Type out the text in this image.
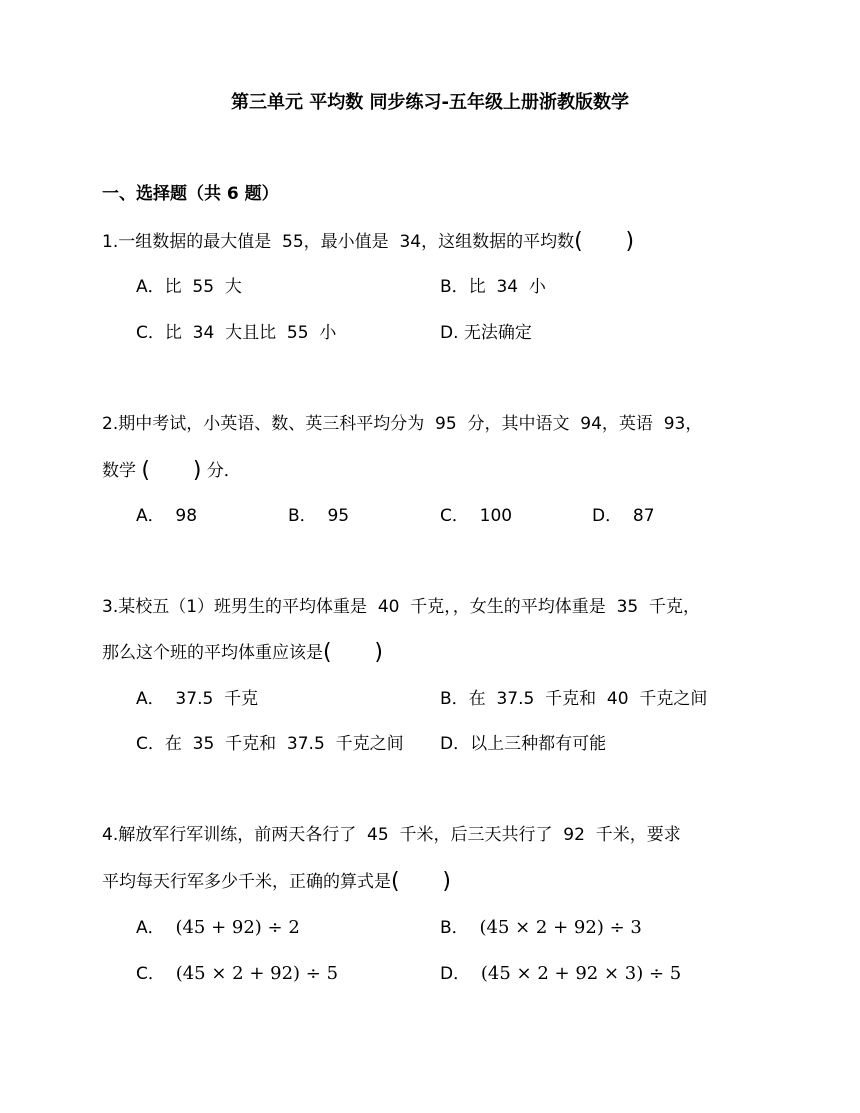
第三单元 平均数 同步练习-五年级上册浙教版数学
一、选择题（共 6 题）
1.一组数据的最大值是  55，最小值是  34，这组数据的平均数( )
A．比  55  大	B．比  34  小
C．比  34  大且比  55  小	D. 无法确定
2.期中考试，小英语、数、英三科平均分为  95  分，其中语文  94，英语  93，
数学 ( ) 分．
A．  98	B．  95	C．  100	D．  87
3.某校五（1）班男生的平均体重是  40  千克，，女生的平均体重是  35  千克，
那么这个班的平均体重应该是( )
A．  37.5  千克	B．在  37.5  千克和  40  千克之间
C．在  35  千克和  37.5  千克之间 D．以上三种都有可能
4.解放军行军训练，前两天各行了  45  千米，后三天共行了  92  千米，要求
平均每天行军多少千米，正确的算式是( )
A． (45 + 92) ÷ 2	B． (45 × 2 + 92) ÷ 3
C． (45 × 2 + 92) ÷ 5	D． (45 × 2 + 92 × 3) ÷ 5
